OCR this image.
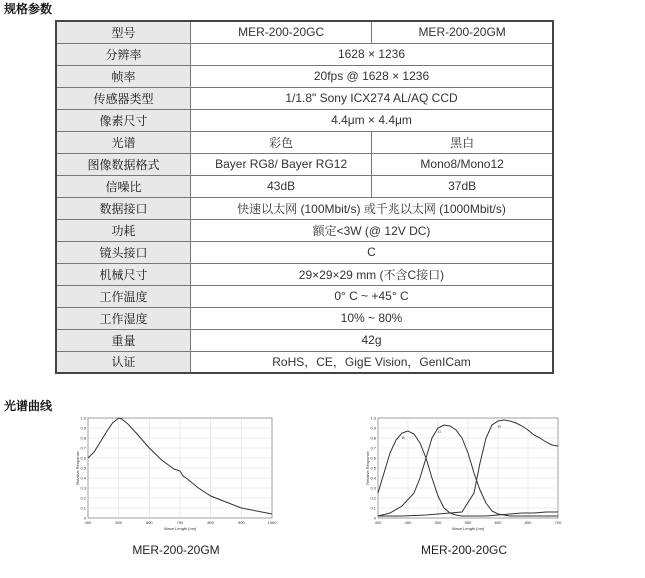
规格参数
型号	MER-200-20GC	MER-200-20GM
分辨率	1628 × 1236	
帧率	20fps @ 1628 × 1236	
传感器类型	1/1.8" Sony ICX274 AL/AQ CCD	
像素尺寸	4.4μm × 4.4μm	
光谱	彩色	黑白
图像数据格式	Bayer RG8/ Bayer RG12	Mono8/Mono12
信噪比	43dB	37dB
数据接口	快速以太网 (100Mbit/s) 或千兆以太网 (1000Mbit/s)	
功耗	额定<3W (@ 12V DC)	
镜头接口	C	
机械尺寸	29×29×29 mm (不含C接口)	
工作温度	0° C ~ +45° C	
工作湿度	10% ~ 80%	
重量	42g	
认证	RoHS，CE，GigE Vision，GenICam	
光谱曲线
400	500	600	700	800	900	1000
0
0.1
0.2
0.3
0.4
0.5
0.6
0.7
0.8
0.9
1.0
Wave Length [nm]
Relative Response
MER-200-20GM
400	450	500	550	600	650	700
0
0.1
0.2
0.3
0.4
0.5
0.6
0.7
0.8
0.9
1.0
Wave Length [nm]
Relative Response
B
G
R
MER-200-20GC
